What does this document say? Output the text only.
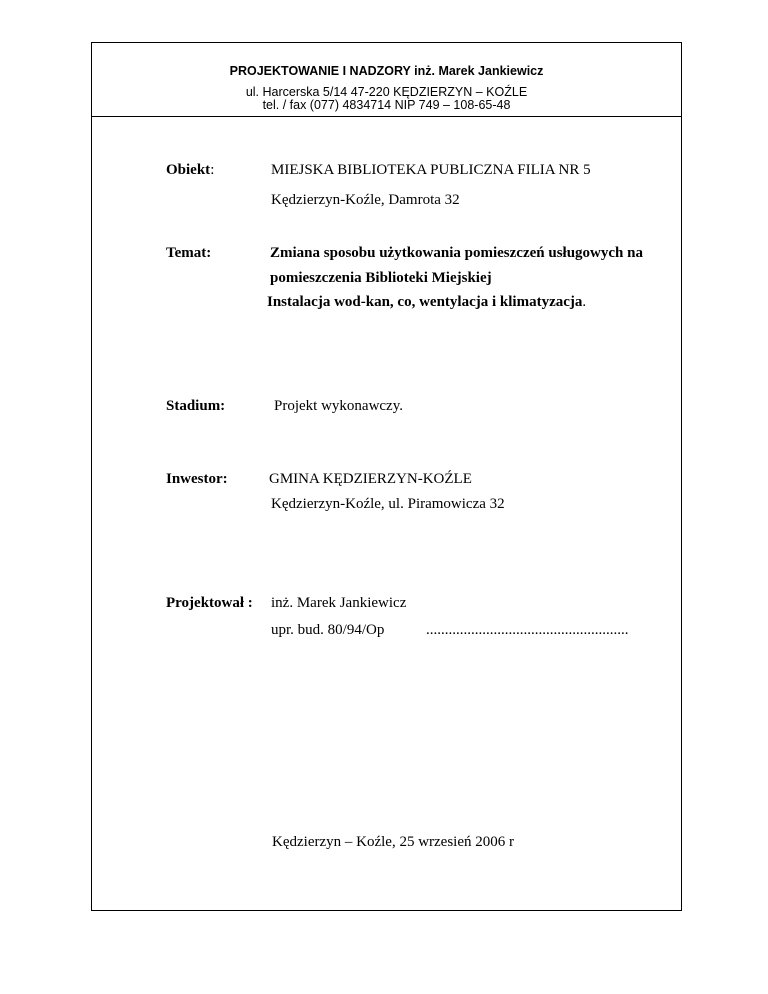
PROJEKTOWANIE I NADZORY inż. Marek Jankiewicz
ul. Harcerska 5/14 47-220 KĘDZIERZYN – KOŹLE
tel. / fax (077) 4834714 NIP 749 – 108-65-48
Obiekt:	MIEJSKA BIBLIOTEKA PUBLICZNA FILIA NR 5
Kędzierzyn-Koźle, Damrota 32
Temat:	Zmiana sposobu użytkowania pomieszczeń usługowych na
pomieszczenia Biblioteki Miejskiej
Instalacja wod-kan, co, wentylacja i klimatyzacja.
Stadium:	Projekt wykonawczy.
Inwestor:	GMINA KĘDZIERZYN-KOŹLE
Kędzierzyn-Koźle, ul. Piramowicza 32
Projektował : inż. Marek Jankiewicz
upr. bud. 80/94/Op	......................................................
Kędzierzyn – Koźle, 25 wrzesień 2006 r
